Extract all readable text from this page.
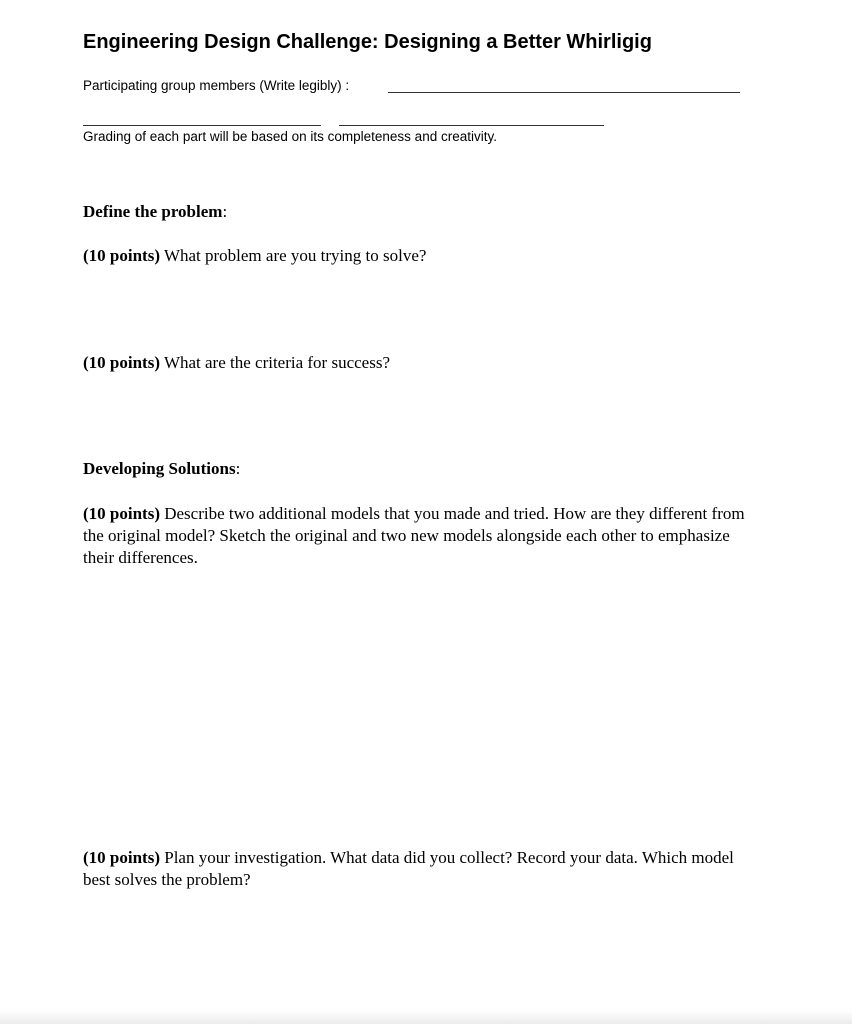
Engineering Design Challenge: Designing a Better Whirligig
Participating group members (Write legibly) :
Grading of each part will be based on its completeness and creativity.

Define the problem:

(10 points) What problem are you trying to solve?

(10 points) What are the criteria for success?

Developing Solutions:

(10 points) Describe two additional models that you made and tried. How are they different from the original model? Sketch the original and two new models alongside each other to emphasize their differences.

(10 points) Plan your investigation. What data did you collect? Record your data. Which model best solves the problem?
